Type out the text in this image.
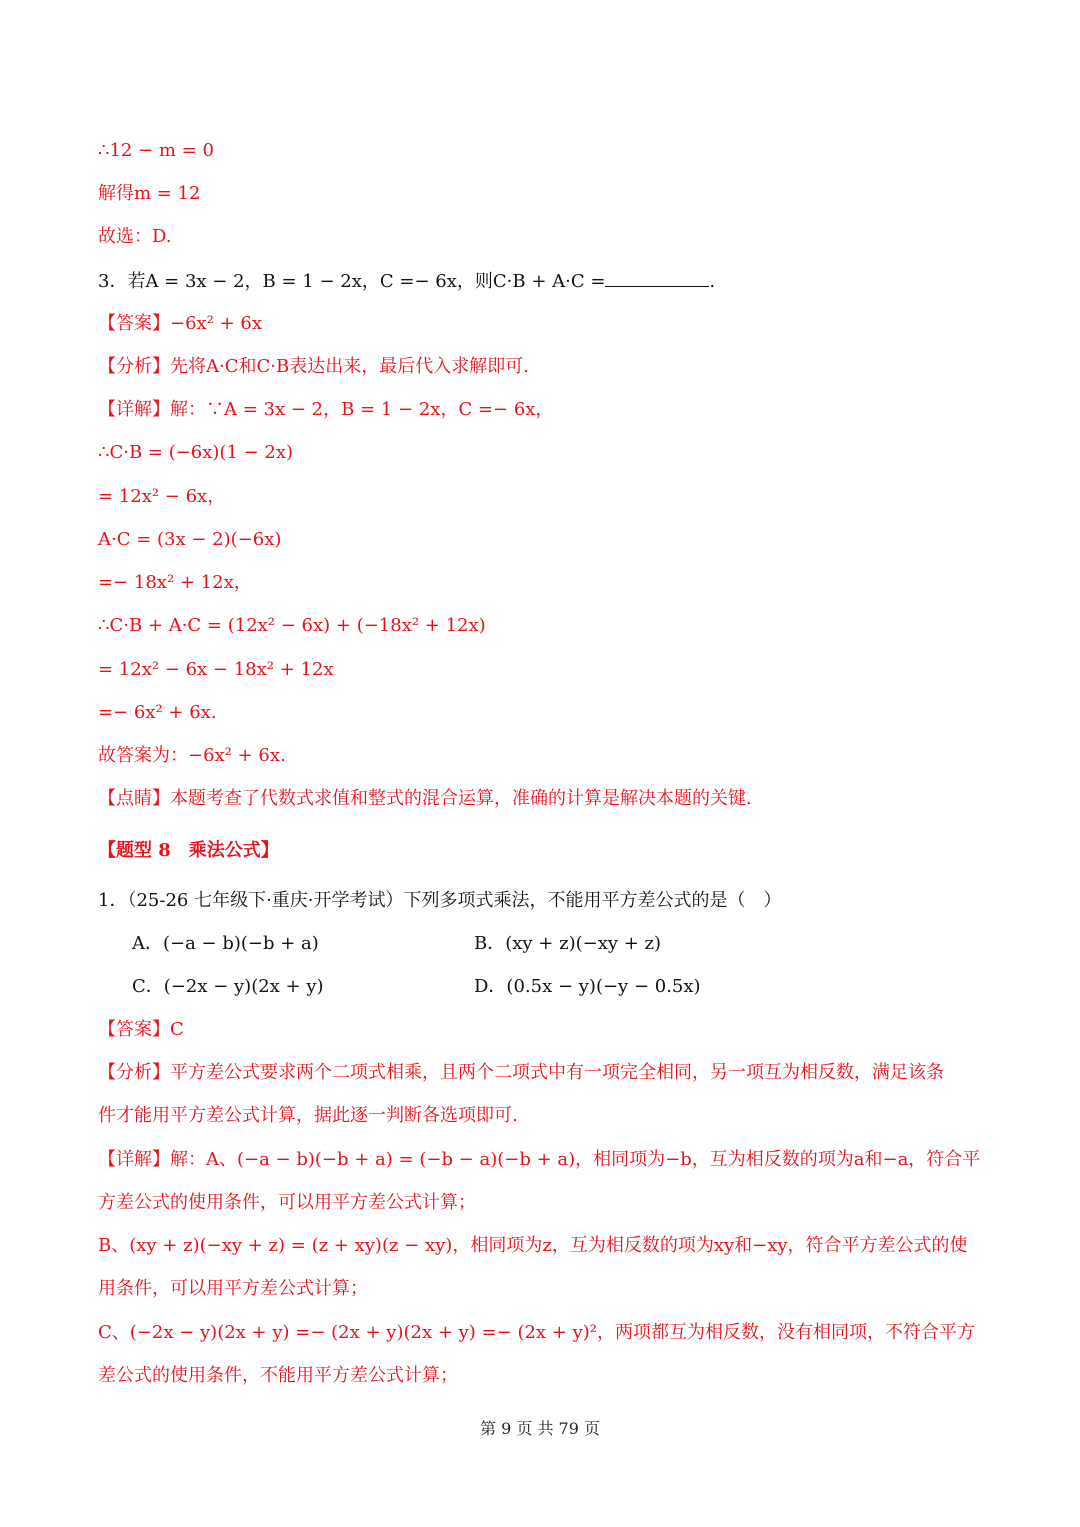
∴12 − m = 0
解得m = 12
故选：D.
3．若A = 3x − 2，B = 1 − 2x，C =− 6x，则C·B + A·C =	.
【答案】−6x² + 6x
【分析】先将A·C和C·B表达出来，最后代入求解即可.
【详解】解：∵A = 3x − 2，B = 1 − 2x，C =− 6x，
∴C·B = (−6x)(1 − 2x)
= 12x² − 6x，
A·C = (3x − 2)(−6x)
=− 18x² + 12x，
∴C·B + A·C = (12x² − 6x) + (−18x² + 12x)
= 12x² − 6x − 18x² + 12x
=− 6x² + 6x.
故答案为：−6x² + 6x.
【点睛】本题考查了代数式求值和整式的混合运算，准确的计算是解决本题的关键.
【题型 8　乘法公式】
1．（25-26 七年级下·重庆·开学考试）下列多项式乘法，不能用平方差公式的是（　）
A．(−a − b)(−b + a)	B．(xy + z)(−xy + z)
C．(−2x − y)(2x + y)	D．(0.5x − y)(−y − 0.5x)
【答案】C
【分析】平方差公式要求两个二项式相乘，且两个二项式中有一项完全相同，另一项互为相反数，满足该条
件才能用平方差公式计算，据此逐一判断各选项即可.
【详解】解：A、(−a − b)(−b + a) = (−b − a)(−b + a)，相同项为−b，互为相反数的项为a和−a，符合平
方差公式的使用条件，可以用平方差公式计算；
B、(xy + z)(−xy + z) = (z + xy)(z − xy)，相同项为z，互为相反数的项为xy和−xy，符合平方差公式的使
用条件，可以用平方差公式计算；
C、(−2x − y)(2x + y) =− (2x + y)(2x + y) =− (2x + y)²，两项都互为相反数，没有相同项，不符合平方
差公式的使用条件，不能用平方差公式计算；
第 9 页 共 79 页
